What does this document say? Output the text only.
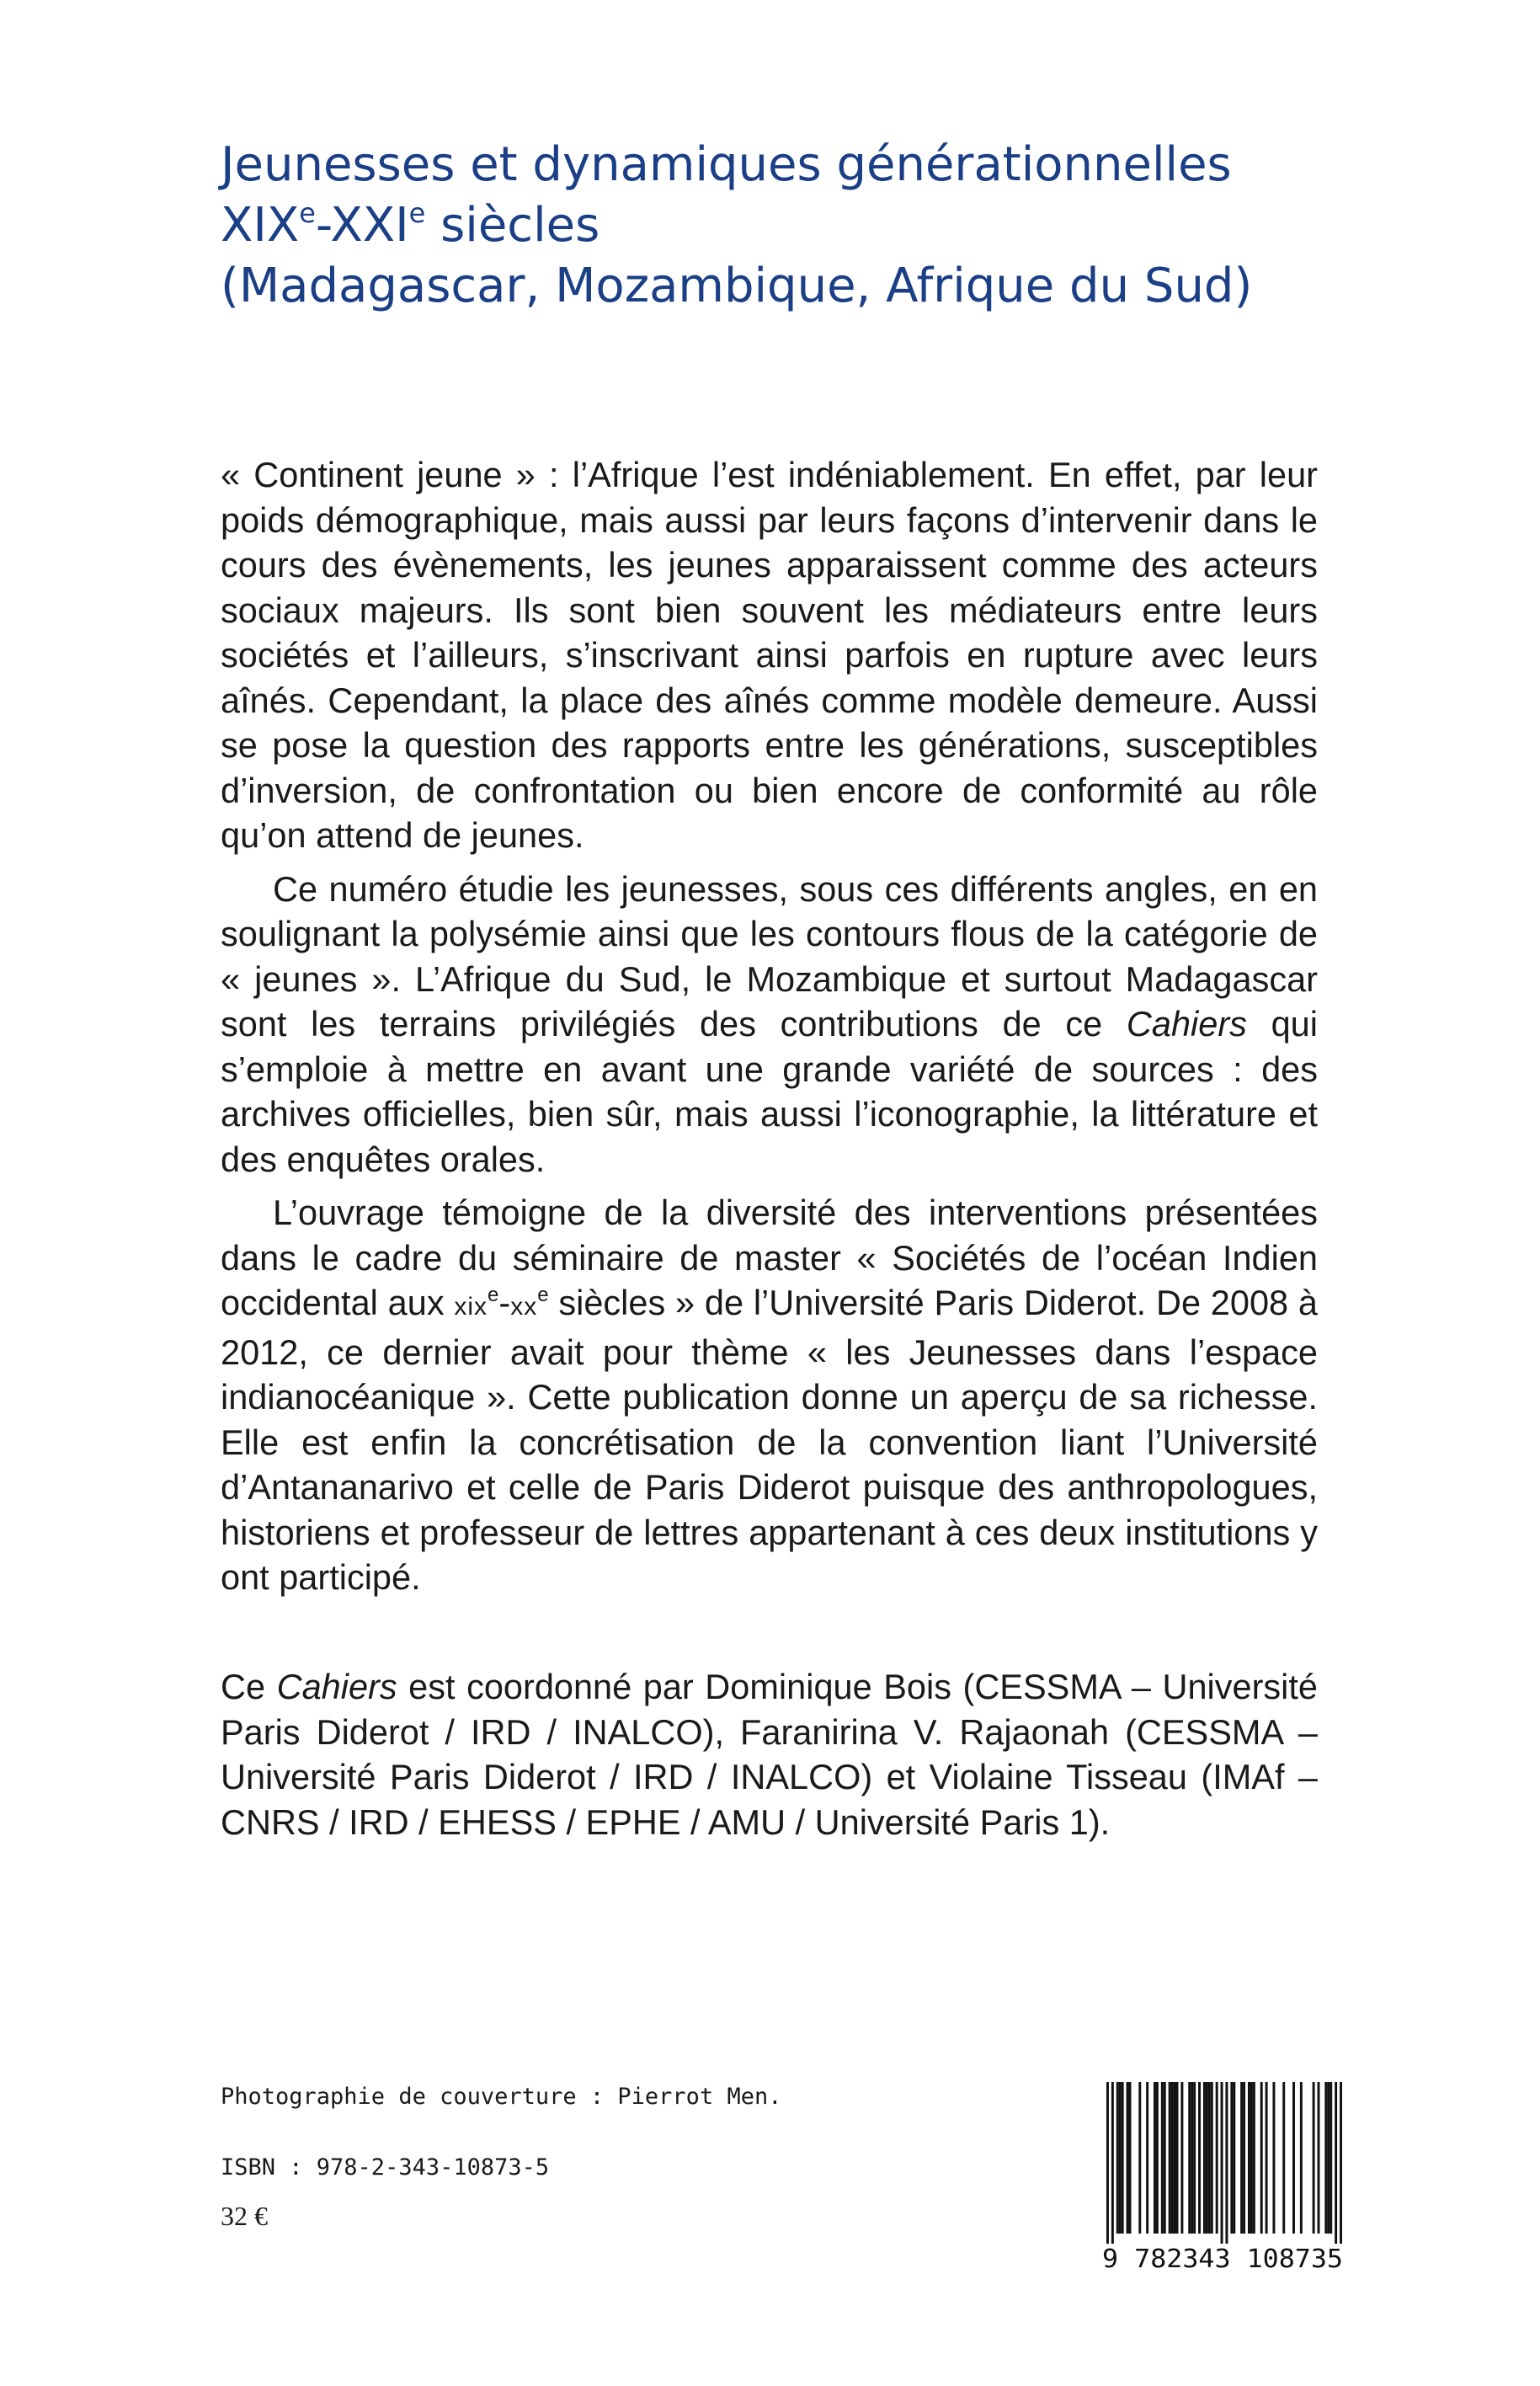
Jeunesses et dynamiques générationnelles
XIXe-XXIe siècles
(Madagascar, Mozambique, Afrique du Sud)

« Continent jeune » : l’Afrique l’est indéniablement. En effet, par leur poids démographique, mais aussi par leurs façons d’intervenir dans le cours des évènements, les jeunes apparaissent comme des acteurs sociaux majeurs. Ils sont bien souvent les médiateurs entre leurs sociétés et l’ailleurs, s’inscrivant ainsi parfois en rupture avec leurs aînés. Cependant, la place des aînés comme modèle demeure. Aussi se pose la question des rapports entre les générations, susceptibles d’inversion, de confrontation ou bien encore de conformité au rôle qu’on attend de jeunes.

Ce numéro étudie les jeunesses, sous ces différents angles, en en soulignant la polysémie ainsi que les contours flous de la catégorie de « jeunes ». L’Afrique du Sud, le Mozambique et surtout Madagascar sont les terrains privilégiés des contributions de ce Cahiers qui s’emploie à mettre en avant une grande variété de sources : des archives officielles, bien sûr, mais aussi l’iconographie, la littérature et des enquêtes orales.

L’ouvrage témoigne de la diversité des interventions présentées dans le cadre du séminaire de master « Sociétés de l’océan Indien occidental aux $xix^e-xx^e$ siècles » de l’Université Paris Diderot. De 2008 à 2012, ce dernier avait pour thème « les Jeunesses dans l’espace indianocéanique ». Cette publication donne un aperçu de sa richesse. Elle est enfin la concrétisation de la convention liant l’Université d’Antananarivo et celle de Paris Diderot puisque des anthropologues, historiens et professeur de lettres appartenant à ces deux institutions y ont participé.

Ce Cahiers est coordonné par Dominique Bois (CESSMA – Université Paris Diderot / IRD / INALCO), Faranirina V. Rajaonah (CESSMA – Université Paris Diderot / IRD / INALCO) et Violaine Tisseau (IMAf – CNRS / IRD / EHESS / EPHE / AMU / Université Paris 1).

Photographie de couverture : Pierrot Men.
ISBN : 978-2-343-10873-5
32 €
9 782343 108735
